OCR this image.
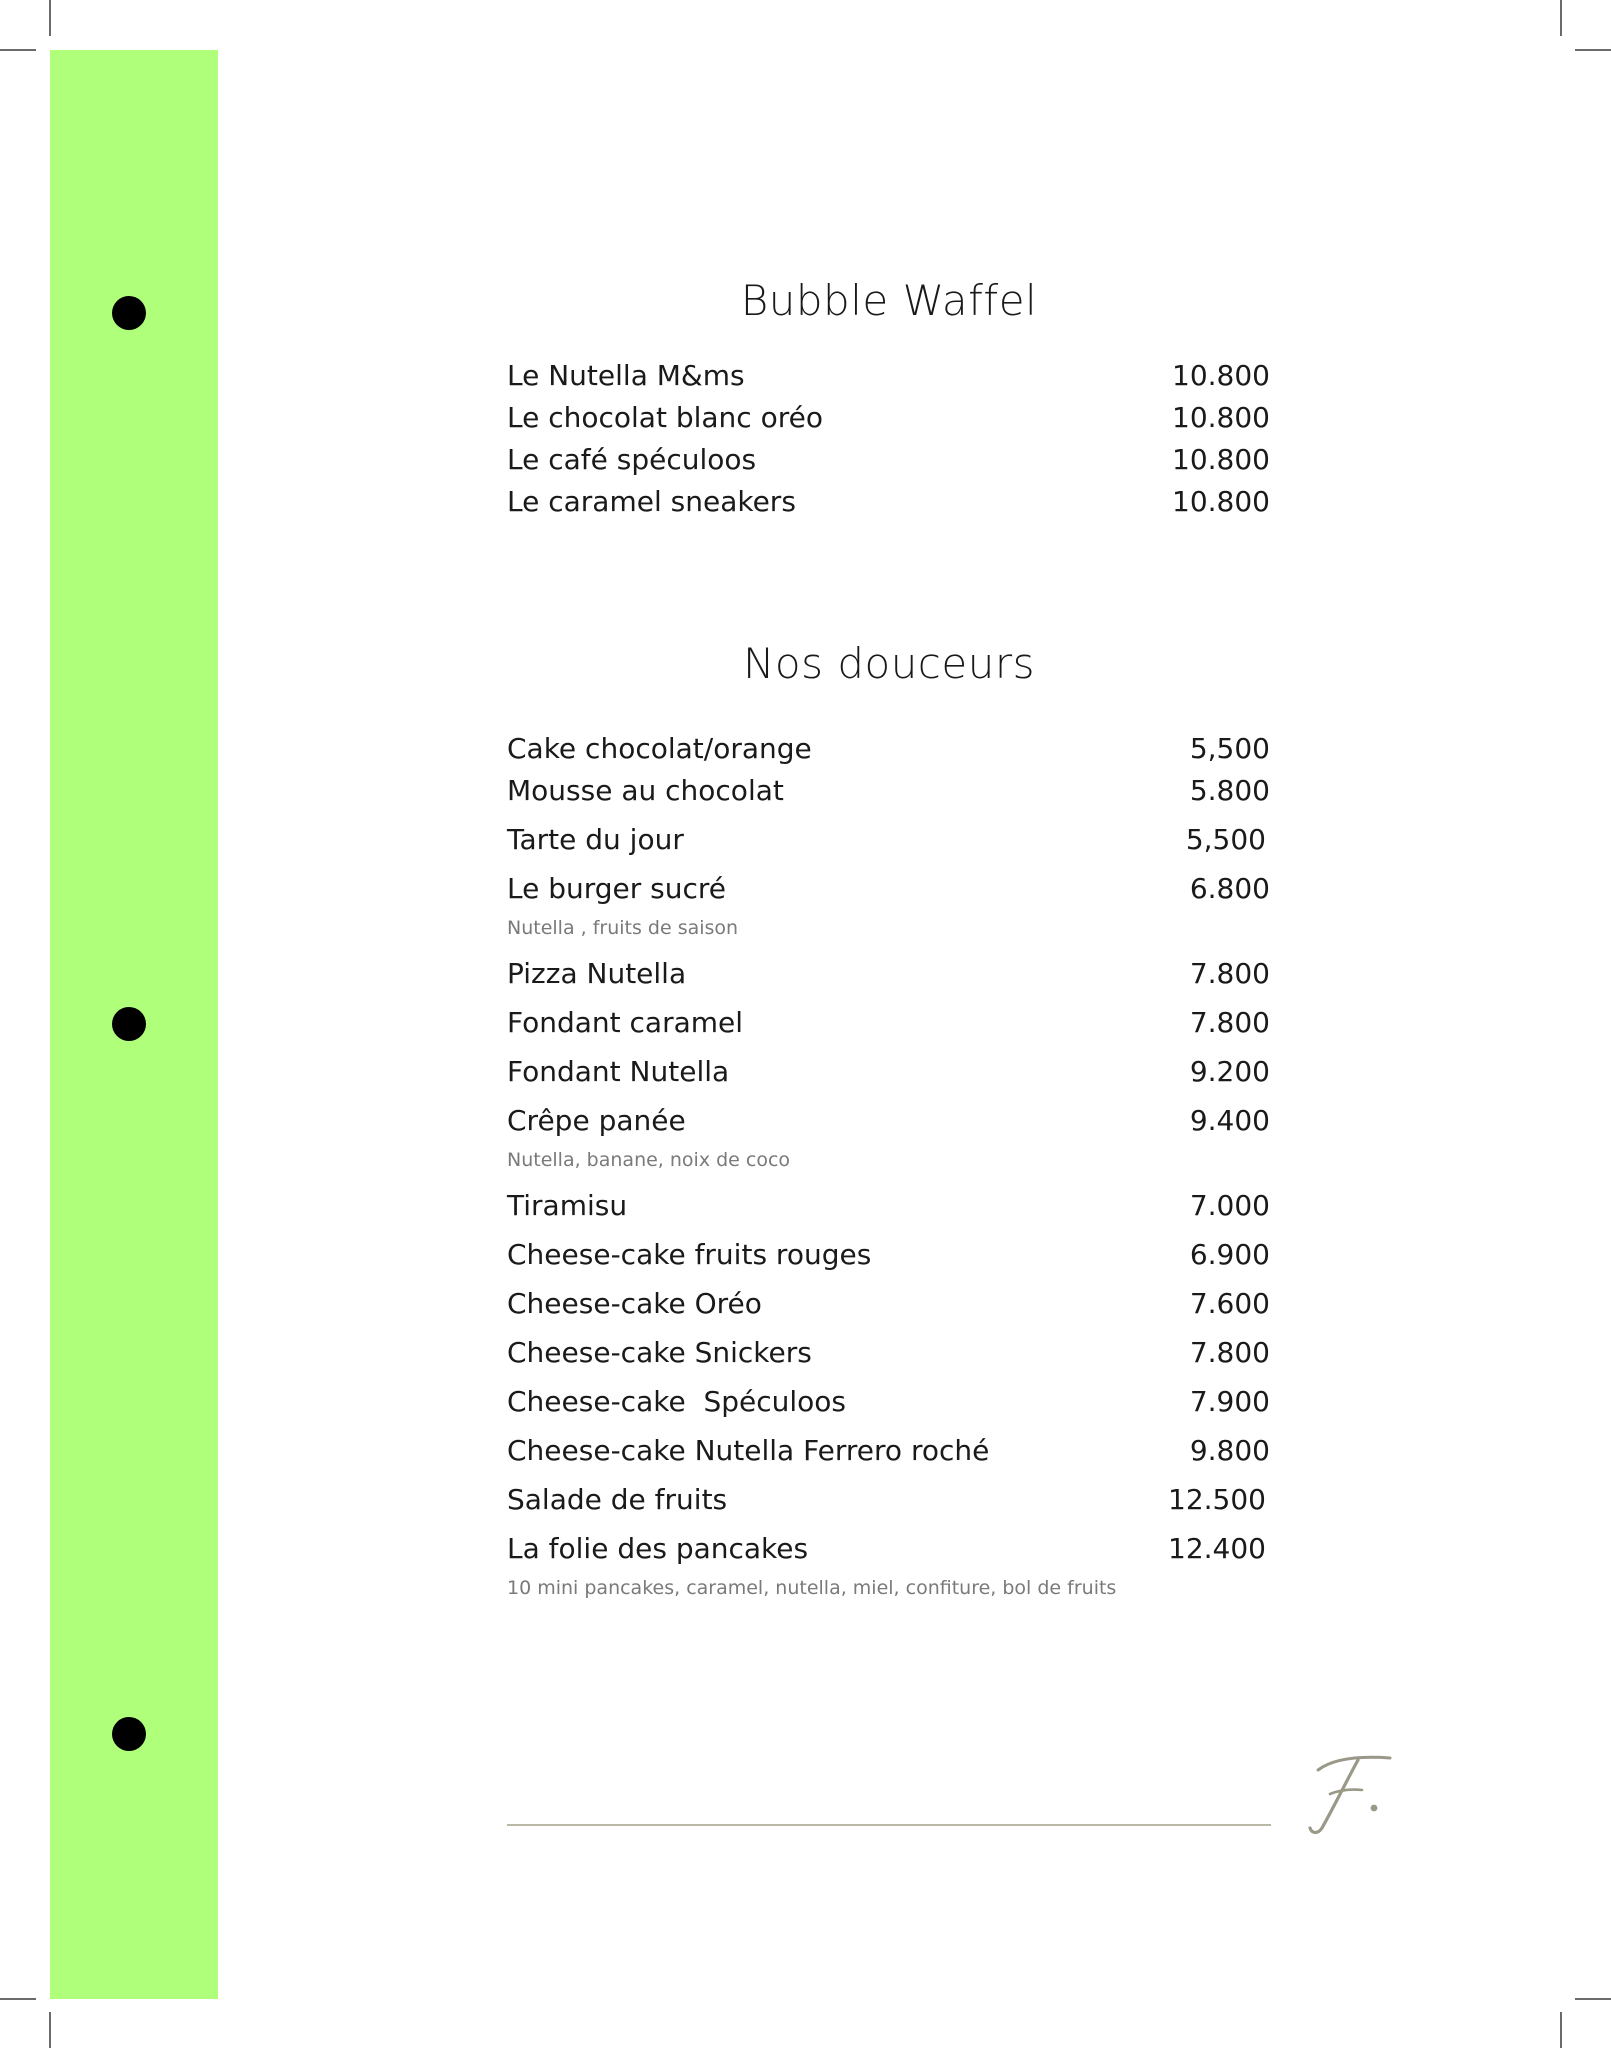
Bubble Waffel
Le Nutella M&ms	10.800
Le chocolat blanc oréo	10.800
Le café spéculoos	10.800
Le caramel sneakers	10.800
Nos douceurs
Cake chocolat/orange	5,500
Mousse au chocolat	5.800
Tarte du jour	5,500
Le burger sucré	6.800
Nutella , fruits de saison
Pizza Nutella	7.800
Fondant caramel	7.800
Fondant Nutella	9.200
Crêpe panée	9.400
Nutella, banane, noix de coco
Tiramisu	7.000
Cheese-cake fruits rouges	6.900
Cheese-cake Oréo	7.600
Cheese-cake Snickers	7.800
Cheese-cake  Spéculoos	7.900
Cheese-cake Nutella Ferrero roché	9.800
Salade de fruits	12.500
La folie des pancakes	12.400
10 mini pancakes, caramel, nutella, miel, confiture, bol de fruits
